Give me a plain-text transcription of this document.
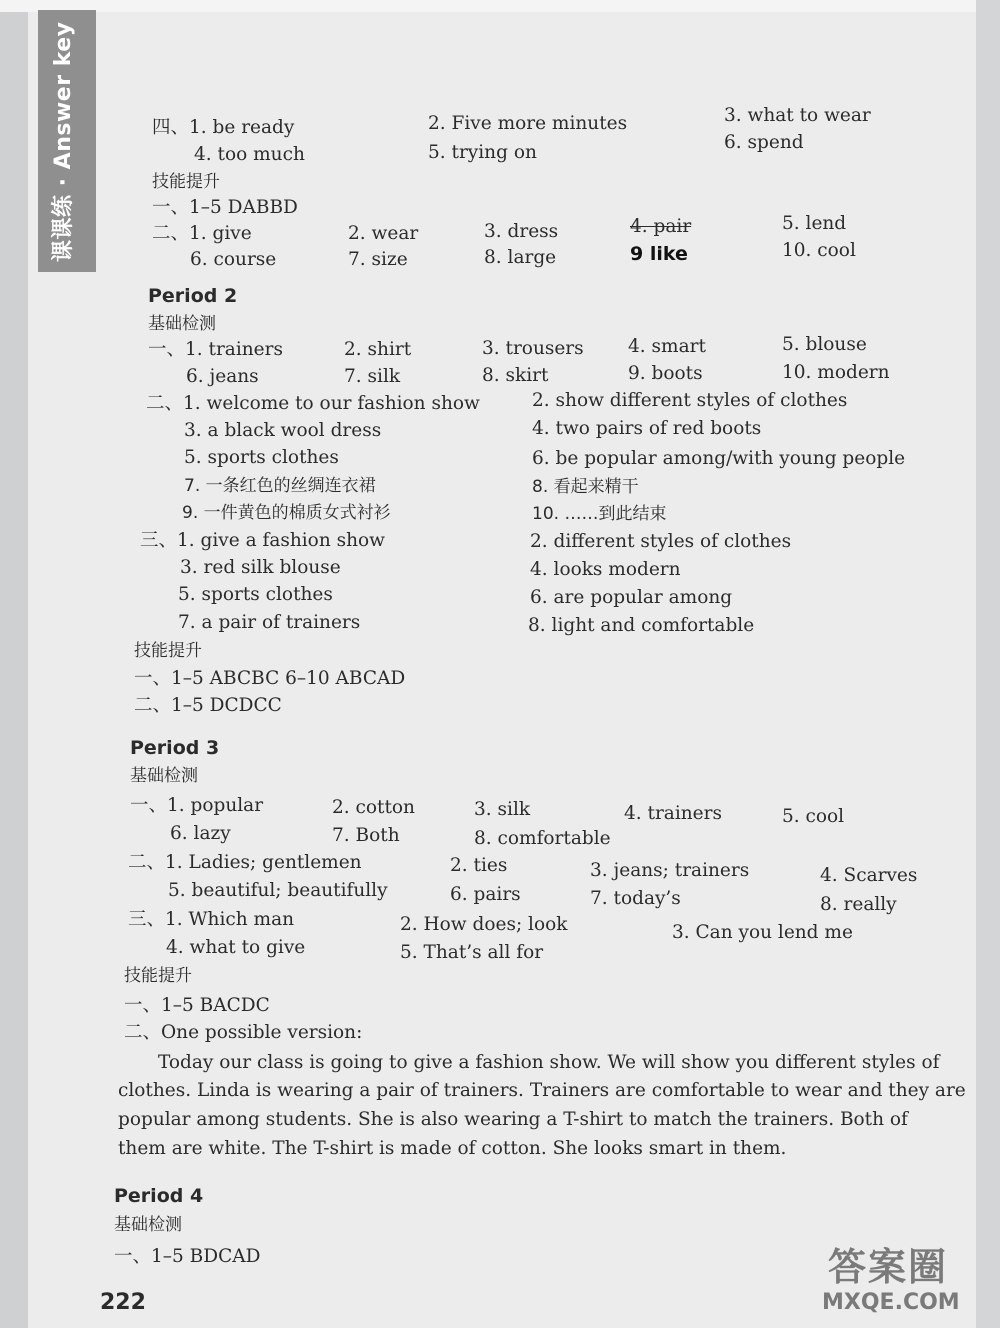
课课练 · Answer key	四、1. be ready	2. Five more minutes	3. what to wear
4. too much	5. trying on	6. spend
技能提升
一、1–5 DABBD
二、1. give	2. wear	3. dress	4. pair	5. lend
6. course	7. size	8. large	9 like	10. cool
Period 2
基础检测
一、1. trainers	2. shirt	3. trousers 4. smart	5. blouse
6. jeans	7. silk	8. skirt	9. boots	10. modern
二、1. welcome to our fashion show	2. show different styles of clothes
3. a black wool dress	4. two pairs of red boots
5. sports clothes	6. be popular among/with young people
7. 一条红色的丝绸连衣裙	8. 看起来精干
9. 一件黄色的棉质女式衬衫	10. ……到此结束
三、1. give a fashion show	2. different styles of clothes
3. red silk blouse	4. looks modern
5. sports clothes	6. are popular among
7. a pair of trainers	8. light and comfortable
技能提升
一、1–5 ABCBC 6–10 ABCAD
二、1–5 DCDCC
Period 3
基础检测
一、1. popular	2. cotton	3. silk	4. trainers	5. cool
6. lazy	7. Both	8. comfortable
二、1. Ladies; gentlemen	2. ties	3. jeans; trainers	4. Scarves
5. beautiful; beautifully	6. pairs	7. today’s	8. really
三、1. Which man	2. How does; look	3. Can you lend me
4. what to give	5. That’s all for
技能提升
一、1–5 BACDC
二、One possible version:
Today our class is going to give a fashion show. We will show you different styles of
clothes. Linda is wearing a pair of trainers. Trainers are comfortable to wear and they are
popular among students. She is also wearing a T-shirt to match the trainers. Both of
them are white. The T-shirt is made of cotton. She looks smart in them.
Period 4
基础检测
一、1–5 BDCAD
222
答案圈
MXQE.COM
